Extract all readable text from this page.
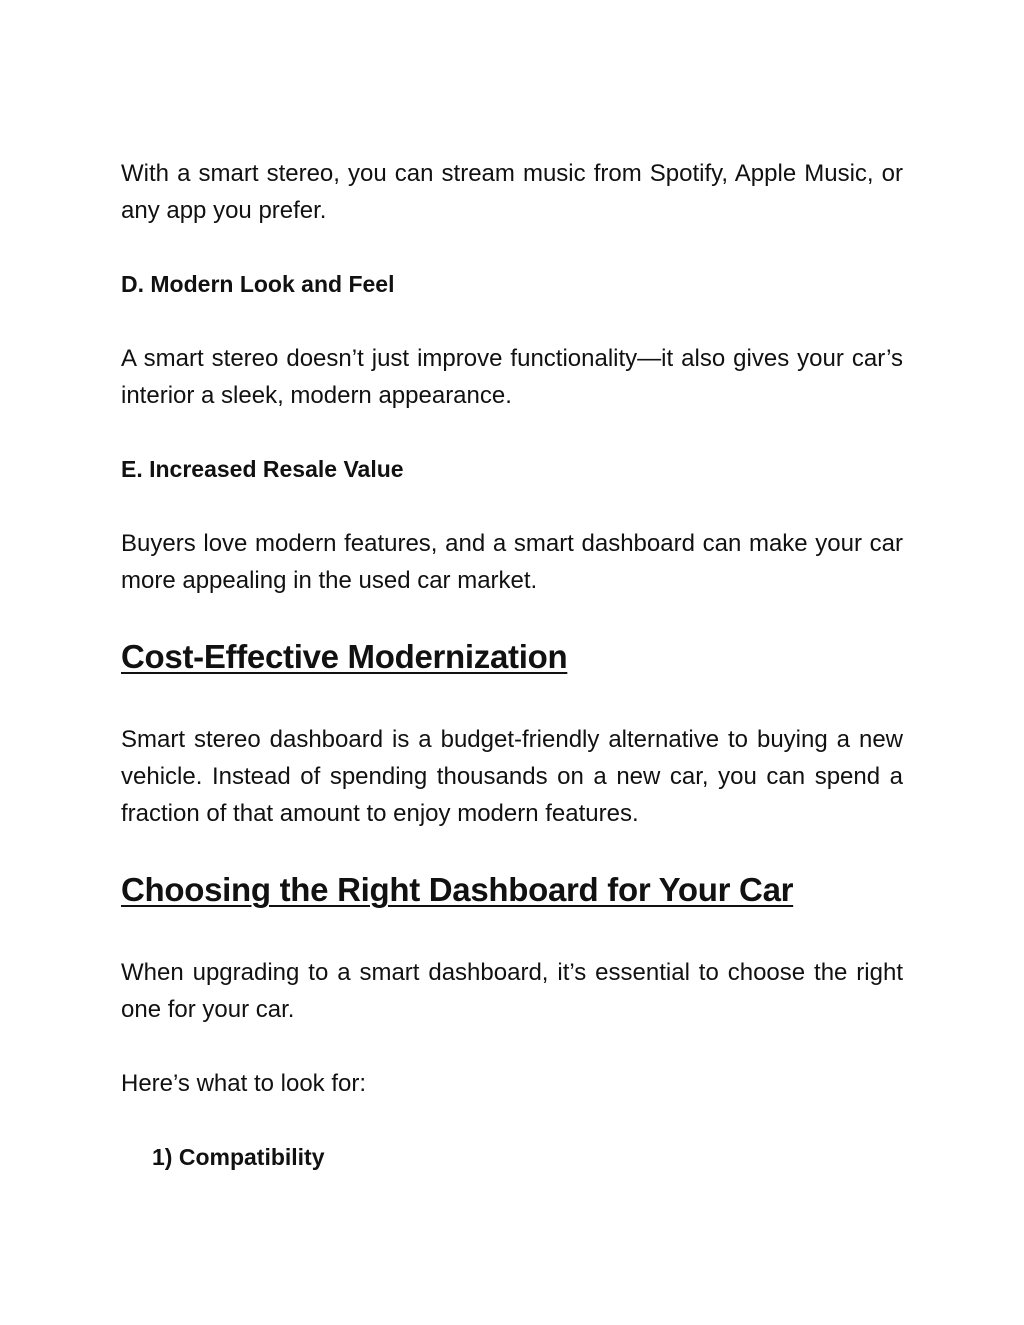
With a smart stereo, you can stream music from Spotify, Apple Music, or any app you prefer.

D. Modern Look and Feel

A smart stereo doesn’t just improve functionality—it also gives your car’s interior a sleek, modern appearance.

E. Increased Resale Value

Buyers love modern features, and a smart dashboard can make your car more appealing in the used car market.

Cost-Effective Modernization

Smart stereo dashboard is a budget-friendly alternative to buying a new vehicle. Instead of spending thousands on a new car, you can spend a fraction of that amount to enjoy modern features.

Choosing the Right Dashboard for Your Car

When upgrading to a smart dashboard, it’s essential to choose the right one for your car.

Here’s what to look for:

1) Compatibility
